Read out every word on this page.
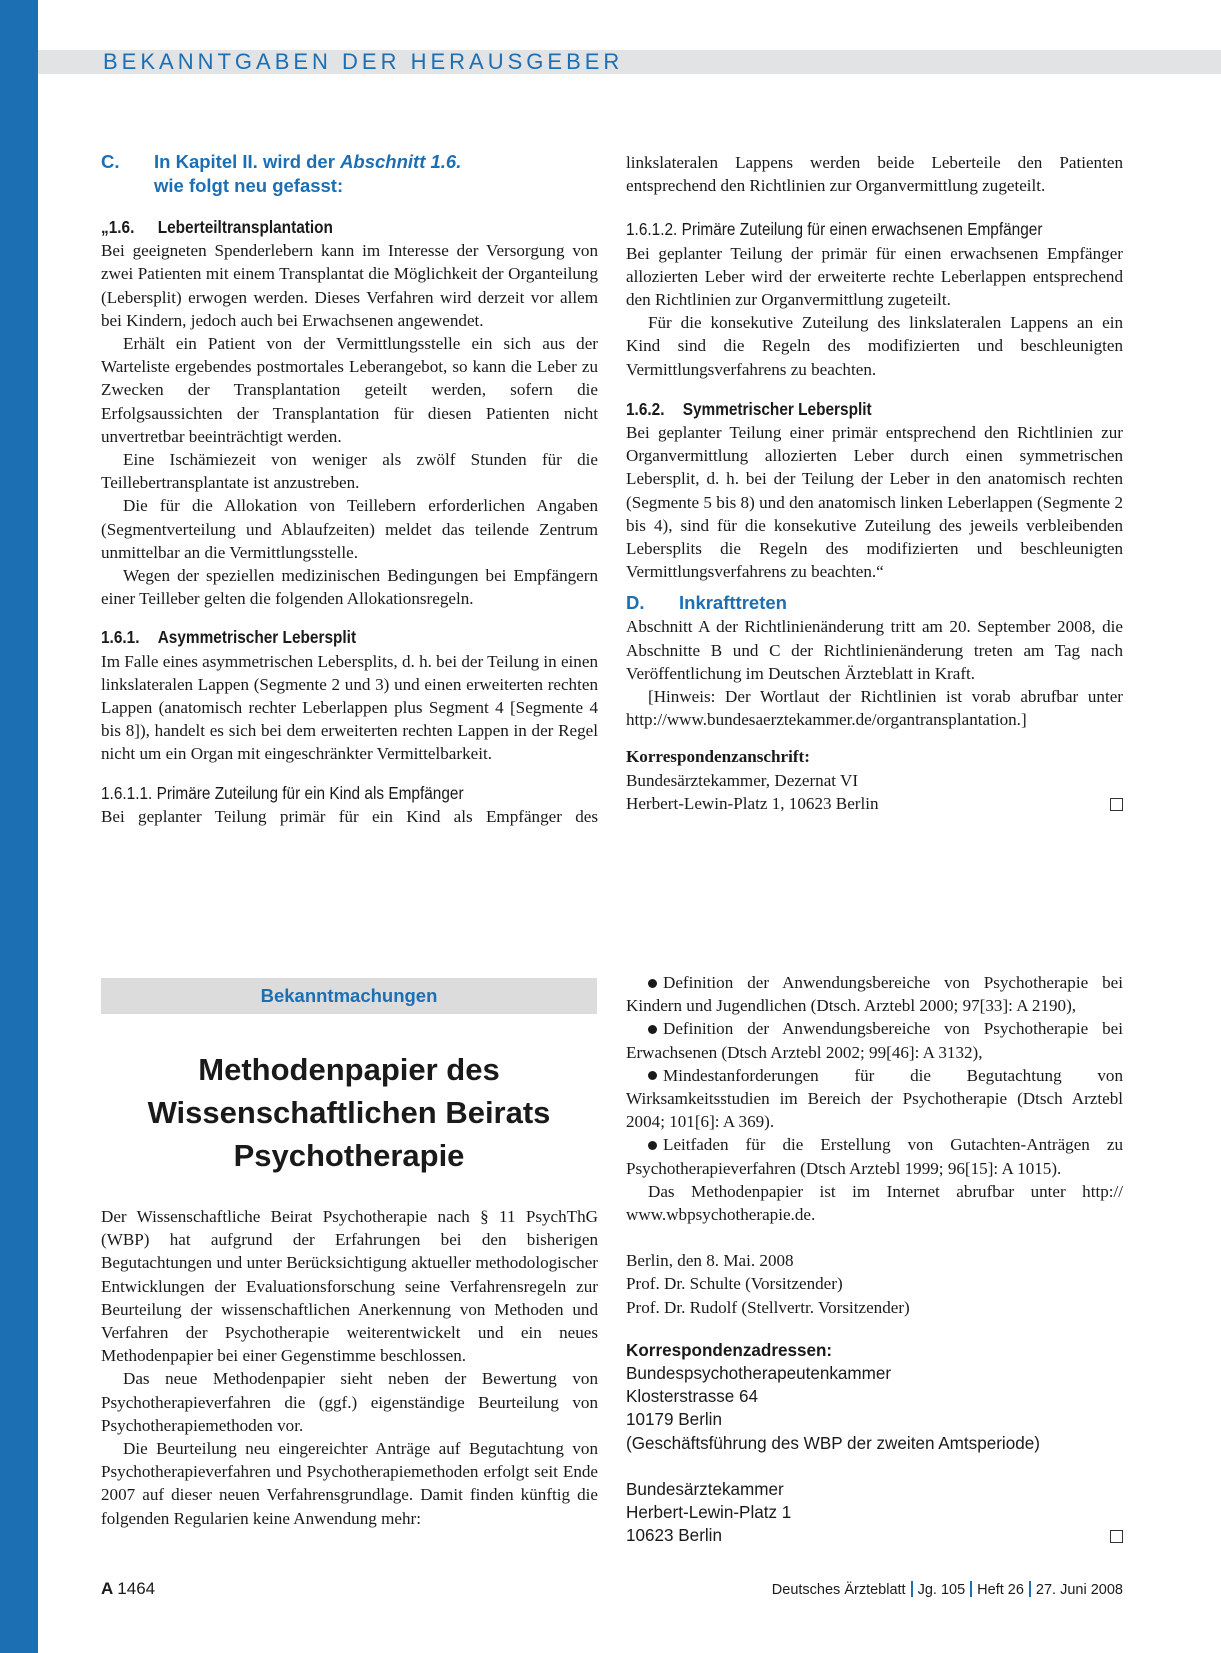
BEKANNTGABEN DER HERAUSGEBER
C. In Kapitel II. wird der Abschnitt 1.6.
wie folgt neu gefasst:

„1.6. Leberteiltransplantation

Bei geeigneten Spenderlebern kann im Interesse der Versorgung von zwei Patienten mit einem Transplantat die Möglichkeit der Organteilung (Lebersplit) erwogen werden. Dieses Verfahren wird derzeit vor allem bei Kindern, jedoch auch bei Erwachsenen angewendet.

Erhält ein Patient von der Vermittlungsstelle ein sich aus der Warteliste ergebendes postmortales Leberangebot, so kann die Leber zu Zwecken der Transplantation geteilt werden, sofern die Erfolgsaussichten der Transplantation für diesen Patienten nicht unvertretbar beeinträchtigt werden.

Eine Ischämiezeit von weniger als zwölf Stunden für die Teillebertransplantate ist anzustreben.

Die für die Allokation von Teillebern erforderlichen Angaben (Segmentverteilung und Ablaufzeiten) meldet das teilende Zentrum unmittelbar an die Vermittlungsstelle.

Wegen der speziellen medizinischen Bedingungen bei Empfängern einer Teilleber gelten die folgenden Allokationsregeln.

1.6.1. Asymmetrischer Lebersplit

Im Falle eines asymmetrischen Lebersplits, d. h. bei der Teilung in einen linkslateralen Lappen (Segmente 2 und 3) und einen erweiterten rechten Lappen (anatomisch rechter Leberlappen plus Segment 4 [Segmente 4 bis 8]), handelt es sich bei dem erweiterten rechten Lappen in der Regel nicht um ein Organ mit eingeschränkter Vermittelbarkeit.

1.6.1.1. Primäre Zuteilung für ein Kind als Empfänger

Bei geplanter Teilung primär für ein Kind als Empfänger des

linkslateralen Lappens werden beide Leberteile den Patienten entsprechend den Richtlinien zur Organvermittlung zugeteilt.

1.6.1.2. Primäre Zuteilung für einen erwachsenen Empfänger

Bei geplanter Teilung der primär für einen erwachsenen Empfänger allozierten Leber wird der erweiterte rechte Leberlappen entsprechend den Richtlinien zur Organvermittlung zugeteilt.

Für die konsekutive Zuteilung des linkslateralen Lappens an ein Kind sind die Regeln des modifizierten und beschleunigten Vermittlungsverfahrens zu beachten.

1.6.2. Symmetrischer Lebersplit

Bei geplanter Teilung einer primär entsprechend den Richtlinien zur Organvermittlung allozierten Leber durch einen symmetrischen Lebersplit, d. h. bei der Teilung der Leber in den anatomisch rechten (Segmente 5 bis 8) und den anatomisch linken Leberlappen (Segmente 2 bis 4), sind für die konsekutive Zuteilung des jeweils verbleibenden Lebersplits die Regeln des modifizierten und beschleunigten Vermittlungsverfahrens zu beachten.“

D. Inkrafttreten

Abschnitt A der Richtlinienänderung tritt am 20. September 2008, die Abschnitte B und C der Richtlinienänderung treten am Tag nach Veröffentlichung im Deutschen Ärzteblatt in Kraft.

[Hinweis: Der Wortlaut der Richtlinien ist vorab abrufbar unter http://www.bundesaerztekammer.de/organtransplantation.]

Korrespondenzanschrift:

Bundesärztekammer, Dezernat VI

Herbert-Lewin-Platz 1, 10623 Berlin

Bekanntmachungen
Methodenpapier des
Wissenschaftlichen Beirats
Psychotherapie

Der Wissenschaftliche Beirat Psychotherapie nach § 11 PsychThG (WBP) hat aufgrund der Erfahrungen bei den bisherigen Begutachtungen und unter Berücksichtigung aktueller methodologischer Entwicklungen der Evaluationsforschung seine Verfahrensregeln zur Beurteilung der wissenschaftlichen Anerkennung von Methoden und Verfahren der Psychotherapie weiterentwickelt und ein neues Methodenpapier bei einer Gegenstimme beschlossen.

Das neue Methodenpapier sieht neben der Bewertung von Psychotherapieverfahren die (ggf.) eigenständige Beurteilung von Psychotherapiemethoden vor.

Die Beurteilung neu eingereichter Anträge auf Begutachtung von Psychotherapieverfahren und Psychotherapiemethoden erfolgt seit Ende 2007 auf dieser neuen Verfahrensgrundlage. Damit finden künftig die folgenden Regularien keine Anwendung mehr:

Definition der Anwendungsbereiche von Psychotherapie bei Kindern und Jugendlichen (Dtsch. Arztebl 2000; 97[33]: A 2190),

Definition der Anwendungsbereiche von Psychotherapie bei Erwachsenen (Dtsch Arztebl 2002; 99[46]: A 3132),

Mindestanforderungen für die Begutachtung von Wirksamkeitsstudien im Bereich der Psychotherapie (Dtsch Arztebl 2004; 101[6]: A 369).

Leitfaden für die Erstellung von Gutachten-Anträgen zu Psychotherapieverfahren (Dtsch Arztebl 1999; 96[15]: A 1015).

Das Methodenpapier ist im Internet abrufbar unter http:// www.wbpsychotherapie.de.

Berlin, den 8. Mai. 2008

Prof. Dr. Schulte (Vorsitzender)

Prof. Dr. Rudolf (Stellvertr. Vorsitzender)

Korrespondenzadressen:

Bundespsychotherapeutenkammer

Klosterstrasse 64

10179 Berlin

(Geschäftsführung des WBP der zweiten Amtsperiode)

Bundesärztekammer

Herbert-Lewin-Platz 1

10623 Berlin

A 1464	Deutsches Ärzteblatt Jg. 105 Heft 26 27. Juni 2008
